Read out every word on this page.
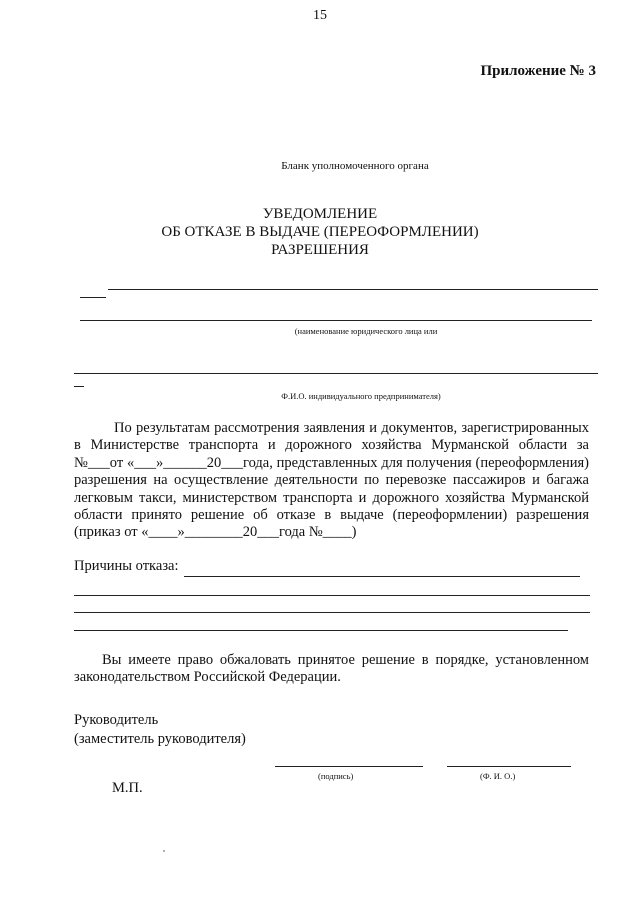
15
Приложение № 3
Бланк уполномоченного органа
УВЕДОМЛЕНИЕ
ОБ ОТКАЗЕ В ВЫДАЧЕ (ПЕРЕОФОРМЛЕНИИ)
РАЗРЕШЕНИЯ
(наименование юридического лица или
Ф.И.О. индивидуального предпринимателя)
По результатам рассмотрения заявления и документов, зарегистрированных в Министерстве транспорта и дорожного хозяйства Мурманской области за №___от «___»______20___года, представленных для получения (переоформления) разрешения на осуществление деятельности по перевозке пассажиров и багажа легковым такси, министерством транспорта и дорожного хозяйства Мурманской области принято решение об отказе в выдаче (переоформлении) разрешения (приказ от «____»________20___года №____)
Причины отказа:
Вы имеете право обжаловать принятое решение в порядке, установленном законодательством Российской Федерации.
Руководитель
(заместитель руководителя)
(подпись)	(Ф. И. О.)
М.П.
